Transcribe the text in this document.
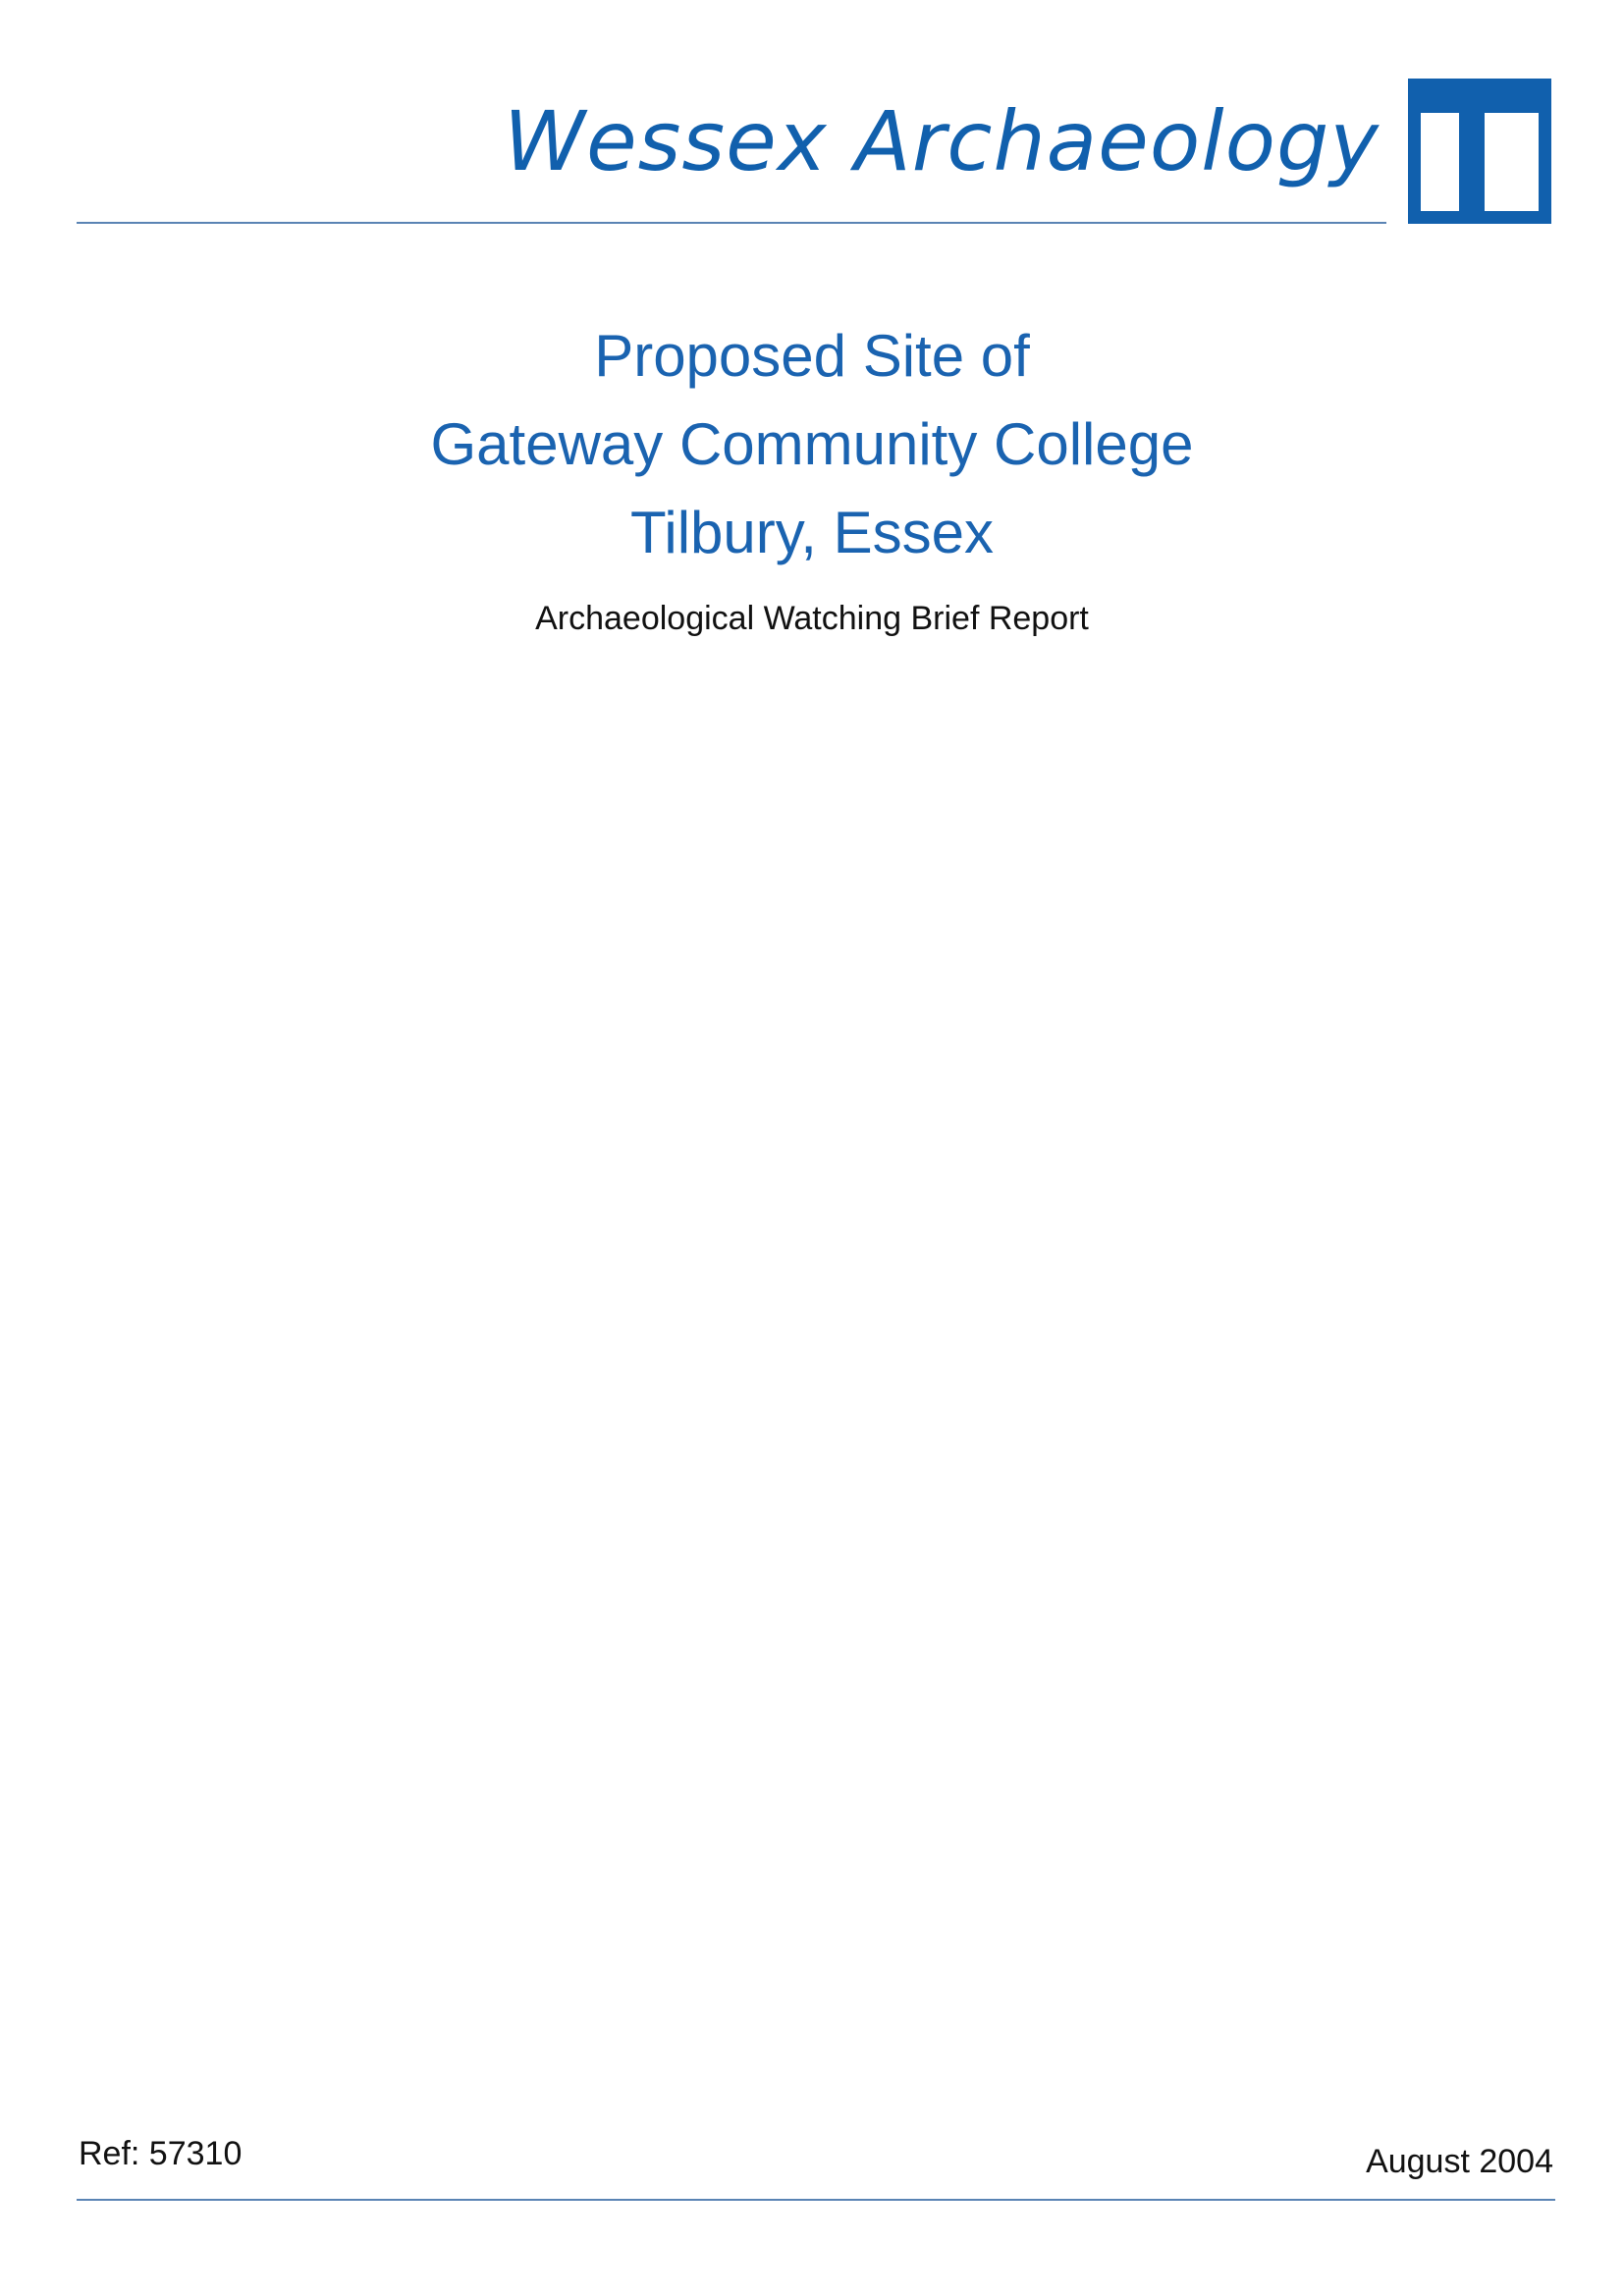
Wessex Archaeology
Proposed Site of
Gateway Community College
Tilbury, Essex
Archaeological Watching Brief Report
Ref: 57310	August 2004
